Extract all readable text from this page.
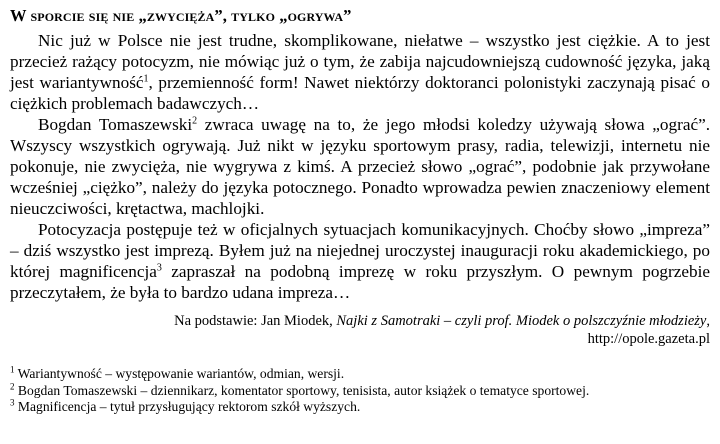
W sporcie się nie „zwycięża”, tylko „ogrywa”

Nic już w Polsce nie jest trudne, skomplikowane, niełatwe – wszystko jest ciężkie. A to jest przecież rażący potocyzm, nie mówiąc już o tym, że zabija najcudowniejszą cudowność języka, jaką jest wariantywność$^1$, przemienność form! Nawet niektórzy doktoranci polonistyki zaczynają pisać o ciężkich problemach badawczych…

Bogdan Tomaszewski$^2$ zwraca uwagę na to, że jego młodsi koledzy używają słowa „ograć”. Wszyscy wszystkich ogrywają. Już nikt w języku sportowym prasy, radia, telewizji, internetu nie pokonuje, nie zwycięża, nie wygrywa z kimś. A przecież słowo „ograć”, podobnie jak przywołane wcześniej „ciężko”, należy do języka potocznego. Ponadto wprowadza pewien znaczeniowy element nieuczciwości, krętactwa, machlojki.

Potocyzacja postępuje też w oficjalnych sytuacjach komunikacyjnych. Choćby słowo „impreza” – dziś wszystko jest imprezą. Byłem już na niejednej uroczystej inauguracji roku akademickiego, po której magnificencja$^3$ zapraszał na podobną imprezę w roku przyszłym. O pewnym pogrzebie przeczytałem, że była to bardzo udana impreza…

Na podstawie: Jan Miodek, Najki z Samotraki – czyli prof. Miodek o polszczyźnie młodzieży,
http://opole.gazeta.pl
$^1$ Wariantywność – występowanie wariantów, odmian, wersji.
$^2$ Bogdan Tomaszewski – dziennikarz, komentator sportowy, tenisista, autor książek o tematyce sportowej.
$^3$ Magnificencja – tytuł przysługujący rektorom szkół wyższych.
